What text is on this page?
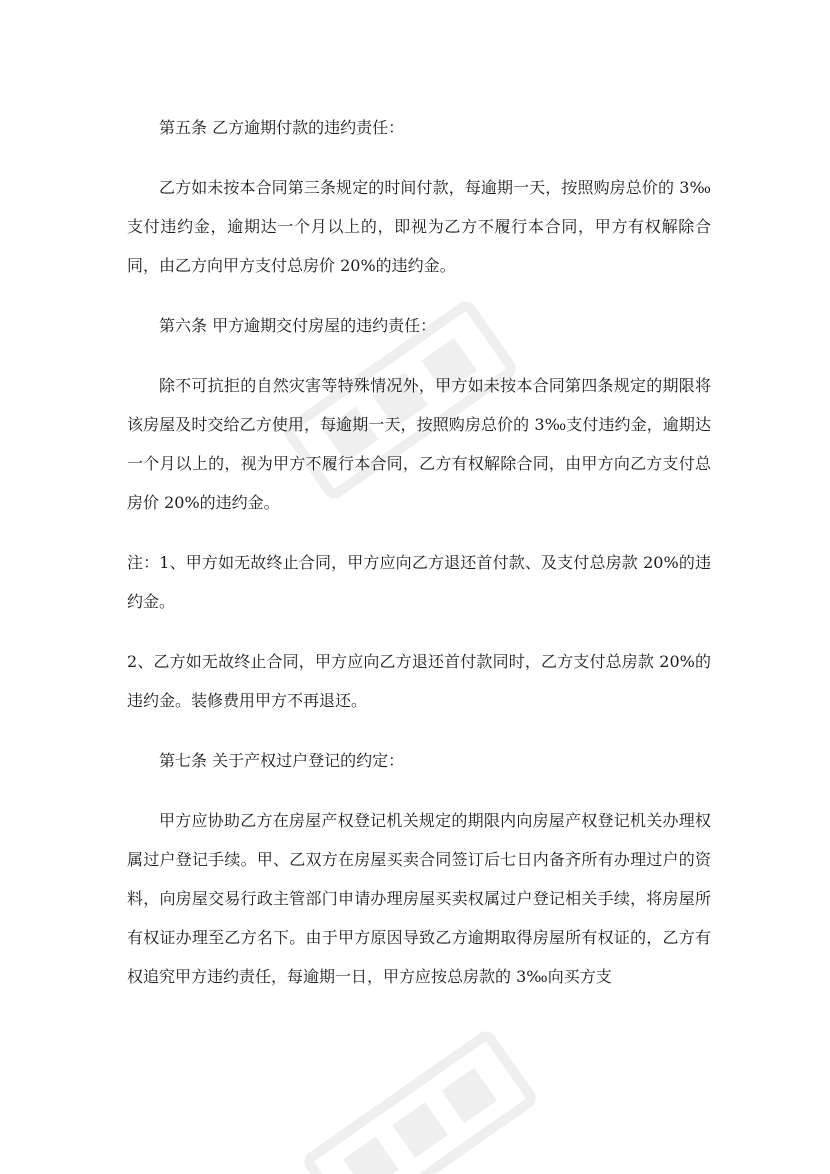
第五条 乙方逾期付款的违约责任：

乙方如未按本合同第三条规定的时间付款，每逾期一天，按照购房总价的 3‰支付违约金，逾期达一个月以上的，即视为乙方不履行本合同，甲方有权解除合同，由乙方向甲方支付总房价 20%的违约金。

第六条 甲方逾期交付房屋的违约责任：

除不可抗拒的自然灾害等特殊情况外，甲方如未按本合同第四条规定的期限将该房屋及时交给乙方使用，每逾期一天，按照购房总价的 3‰支付违约金，逾期达一个月以上的，视为甲方不履行本合同，乙方有权解除合同，由甲方向乙方支付总房价 20%的违约金。

注：1、甲方如无故终止合同，甲方应向乙方退还首付款、及支付总房款 20%的违约金。

2、乙方如无故终止合同，甲方应向乙方退还首付款同时，乙方支付总房款 20%的违约金。装修费用甲方不再退还。

第七条 关于产权过户登记的约定：

甲方应协助乙方在房屋产权登记机关规定的期限内向房屋产权登记机关办理权属过户登记手续。甲、乙双方在房屋买卖合同签订后七日内备齐所有办理过户的资料，向房屋交易行政主管部门申请办理房屋买卖权属过户登记相关手续，将房屋所有权证办理至乙方名下。由于甲方原因导致乙方逾期取得房屋所有权证的，乙方有权追究甲方违约责任，每逾期一日，甲方应按总房款的 3‰向买方支
